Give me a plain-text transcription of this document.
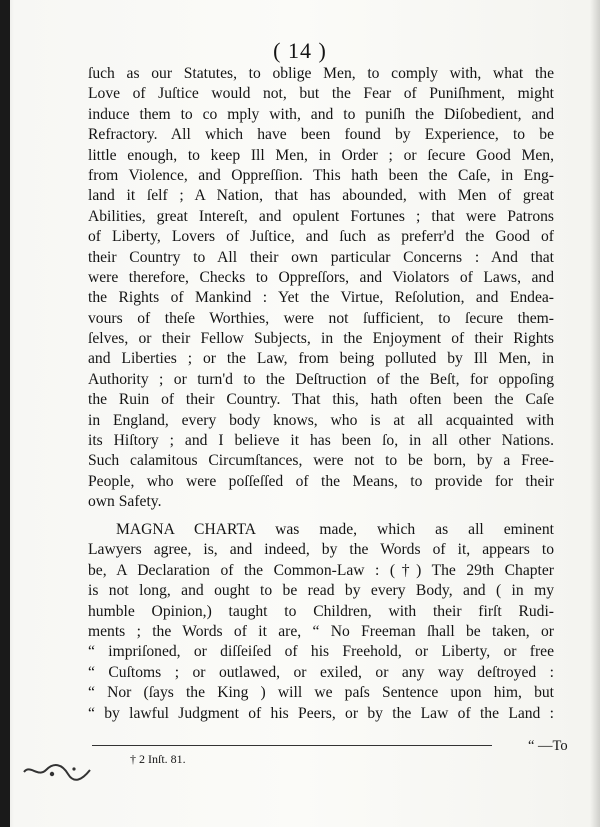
( 14 )
ſuch as our Statutes, to oblige Men, to comply with, what the
Love of Juſtice would not, but the Fear of Puniſhment, might
induce them to co mply with, and to puniſh the Diſobedient, and
Refractory. All which have been found by Experience, to be
little enough, to keep Ill Men, in Order ; or ſecure Good Men,
from Violence, and Oppreſſion. This hath been the Caſe, in Eng-
land it ſelf ; A Nation, that has abounded, with Men of great
Abilities, great Intereſt, and opulent Fortunes ; that were Patrons
of Liberty, Lovers of Juſtice, and ſuch as preferr'd the Good of
their Country to All their own particular Concerns : And that
were therefore, Checks to Oppreſſors, and Violators of Laws, and
the Rights of Mankind : Yet the Virtue, Reſolution, and Endea-
vours of theſe Worthies, were not ſufficient, to ſecure them-
ſelves, or their Fellow Subjects, in the Enjoyment of their Rights
and Liberties ; or the Law, from being polluted by Ill Men, in
Authority ; or turn'd to the Deſtruction of the Beſt, for oppoſing
the Ruin of their Country. That this, hath often been the Caſe
in England, every body knows, who is at all acquainted with
its Hiſtory ; and I believe it has been ſo, in all other Nations.
Such calamitous Circumſtances, were not to be born, by a Free-
People, who were poſſeſſed of the Means, to provide for their
own Safety.
MAGNA CHARTA was made, which as all eminent
Lawyers agree, is, and indeed, by the Words of it, appears to
be, A Declaration of the Common-Law : (†) The 29th Chapter
is not long, and ought to be read by every Body, and ( in my
humble Opinion,) taught to Children, with their firſt Rudi-
ments ; the Words of it are, “ No Freeman ſhall be taken, or
“ impriſoned, or diſſeiſed of his Freehold, or Liberty, or free
“ Cuſtoms ; or outlawed, or exiled, or any way deſtroyed :
“ Nor (ſays the King ) will we paſs Sentence upon him, but
“ by lawful Judgment of his Peers, or by the Law of the Land :
“ —To
† 2 Inſt. 81.
